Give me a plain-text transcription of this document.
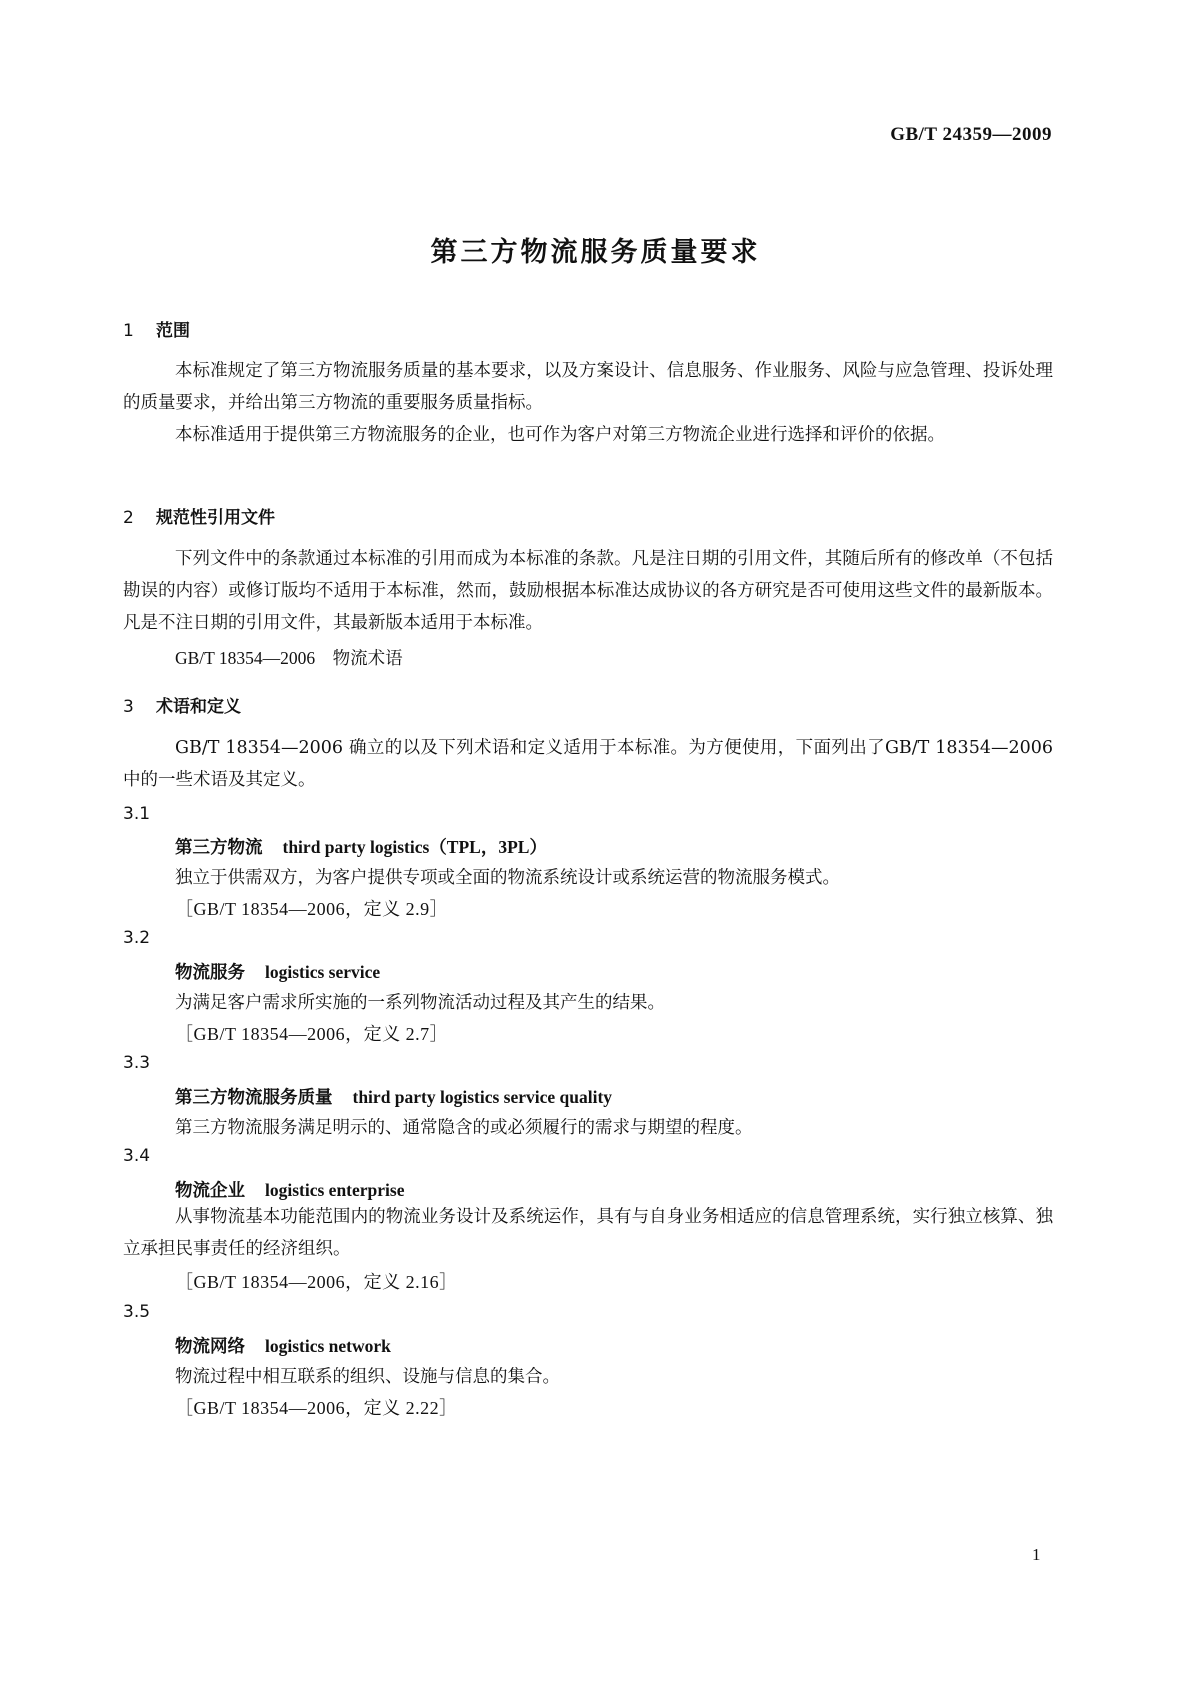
GB/T 24359—2009
第三方物流服务质量要求
1 范围
本标准规定了第三方物流服务质量的基本要求，以及方案设计、信息服务、作业服务、风险与应急管理、投诉处理的质量要求，并给出第三方物流的重要服务质量指标。
本标准适用于提供第三方物流服务的企业，也可作为客户对第三方物流企业进行选择和评价的依据。
2 规范性引用文件
下列文件中的条款通过本标准的引用而成为本标准的条款。凡是注日期的引用文件，其随后所有的修改单（不包括勘误的内容）或修订版均不适用于本标准，然而，鼓励根据本标准达成协议的各方研究是否可使用这些文件的最新版本。凡是不注日期的引用文件，其最新版本适用于本标准。
GB/T 18354—2006　物流术语
3 术语和定义
GB/T 18354—2006 确立的以及下列术语和定义适用于本标准。为方便使用，下面列出了GB/T 18354—2006中的一些术语及其定义。
3.1
第三方物流 third party logistics（TPL，3PL）
独立于供需双方，为客户提供专项或全面的物流系统设计或系统运营的物流服务模式。
［GB/T 18354—2006，定义 2.9］
3.2
物流服务 logistics service
为满足客户需求所实施的一系列物流活动过程及其产生的结果。
［GB/T 18354—2006，定义 2.7］
3.3
第三方物流服务质量 third party logistics service quality
第三方物流服务满足明示的、通常隐含的或必须履行的需求与期望的程度。
3.4
物流企业 logistics enterprise
从事物流基本功能范围内的物流业务设计及系统运作，具有与自身业务相适应的信息管理系统，实行独立核算、独立承担民事责任的经济组织。
［GB/T 18354—2006，定义 2.16］
3.5
物流网络 logistics network
物流过程中相互联系的组织、设施与信息的集合。
［GB/T 18354—2006，定义 2.22］
1
